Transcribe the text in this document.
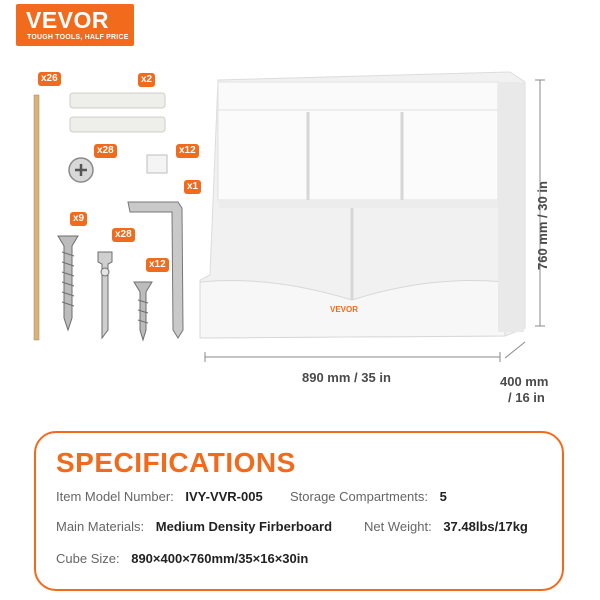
VEVOR
TOUGH TOOLS, HALF PRICE
VEVOR
x26	x2
x28	x12
x1
x9
x28
x12	760 mm / 30 in
890 mm / 35 in	400 mm
/ 16 in
SPECIFICATIONS
Item Model Number: IVY-VVR-005 Storage Compartments: 5
Main Materials: Medium Density Firberboard Net Weight: 37.48lbs/17kg
Cube Size: 890×400×760mm/35×16×30in
